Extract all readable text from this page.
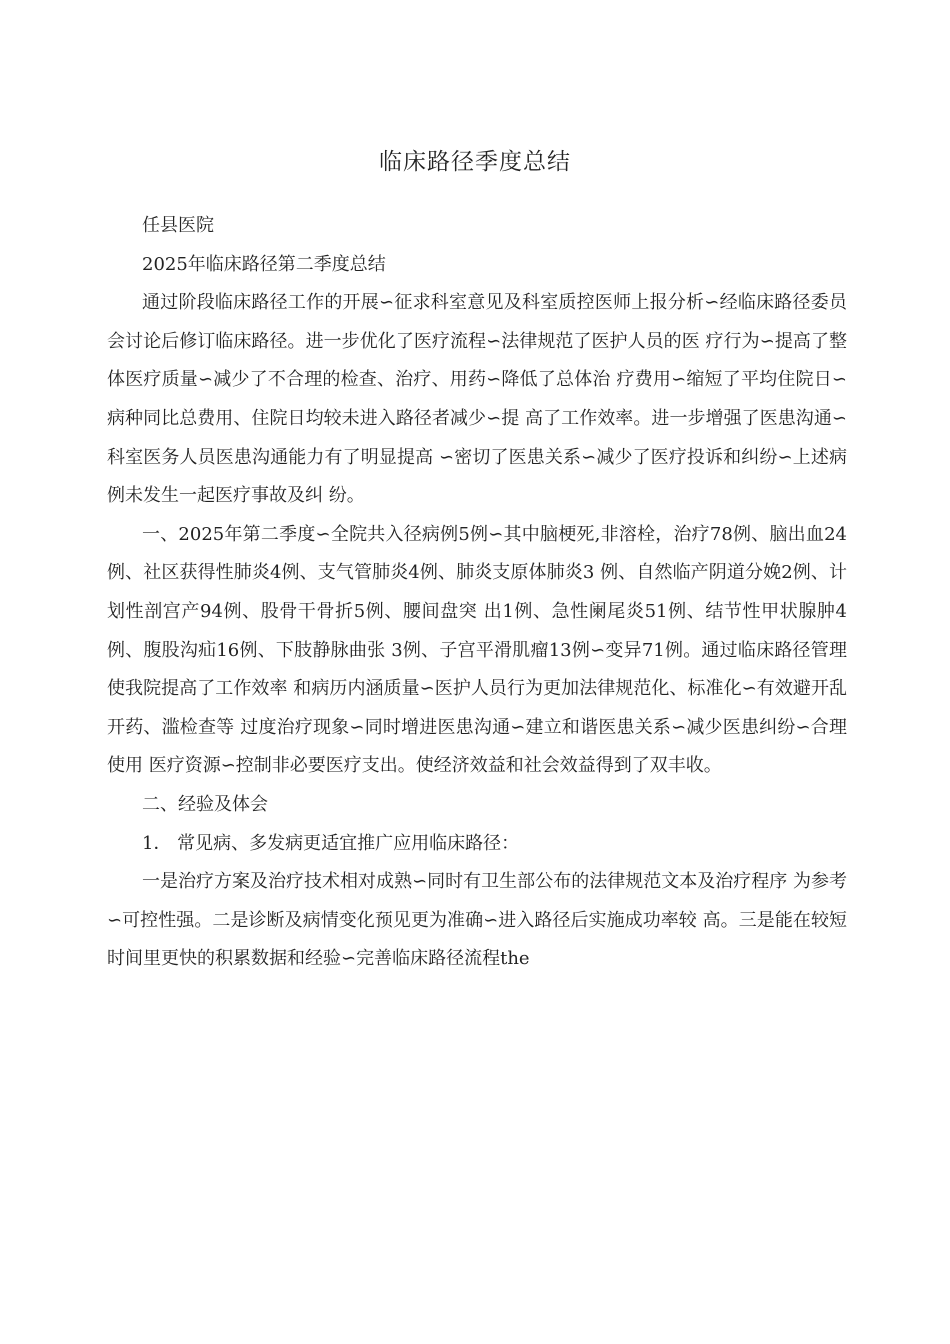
临床路径季度总结

任县医院

2025年临床路径第二季度总结

通过阶段临床路径工作的开展∽征求科室意见及科室质控医师上报分析∽经临床路径委员会讨论后修订临床路径。进一步优化了医疗流程∽法律规范了医护人员的医 疗行为∽提高了整体医疗质量∽减少了不合理的检查、治疗、用药∽降低了总体治 疗费用∽缩短了平均住院日∽病种同比总费用、住院日均较未进入路径者减少∽提 高了工作效率。进一步增强了医患沟通∽科室医务人员医患沟通能力有了明显提高 ∽密切了医患关系∽减少了医疗投诉和纠纷∽上述病例未发生一起医疗事故及纠 纷。

一、2025年第二季度∽全院共入径病例5例∽其中脑梗死,非溶栓，治疗78例、脑出血24例、社区获得性肺炎4例、支气管肺炎4例、肺炎支原体肺炎3 例、自然临产阴道分娩2例、计划性剖宫产94例、股骨干骨折5例、腰间盘突 出1例、急性阑尾炎51例、结节性甲状腺肿4例、腹股沟疝16例、下肢静脉曲张 3例、子宫平滑肌瘤13例∽变异71例。通过临床路径管理使我院提高了工作效率 和病历内涵质量∽医护人员行为更加法律规范化、标准化∽有效避开乱开药、滥检查等 过度治疗现象∽同时增进医患沟通∽建立和谐医患关系∽减少医患纠纷∽合理使用 医疗资源∽控制非必要医疗支出。使经济效益和社会效益得到了双丰收。

二、经验及体会

1． 常见病、多发病更适宜推广应用临床路径：

一是治疗方案及治疗技术相对成熟∽同时有卫生部公布的法律规范文本及治疗程序 为参考∽可控性强。二是诊断及病情变化预见更为准确∽进入路径后实施成功率较 高。三是能在较短时间里更快的积累数据和经验∽完善临床路径流程the
